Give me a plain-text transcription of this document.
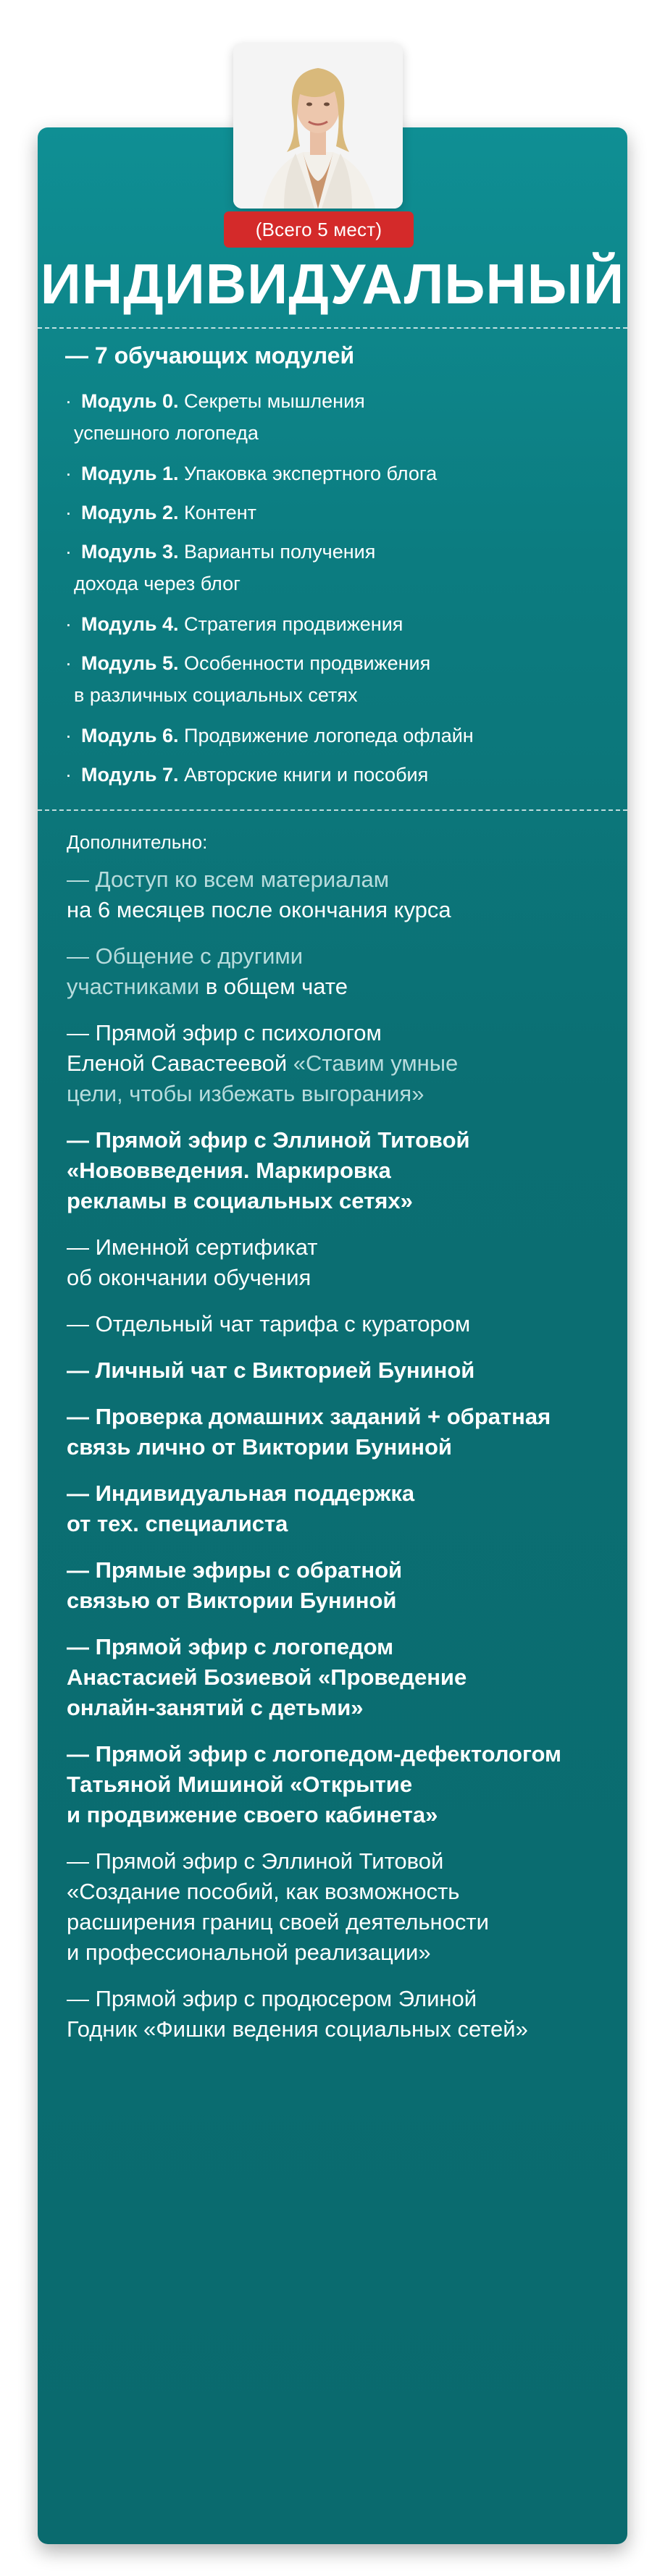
(Всего 5 мест)
ИНДИВИДУАЛЬНЫЙ
— 7 обучающих модулей
· Модуль 0. Секреты мышления
успешного логопеда
· Модуль 1. Упаковка экспертного блога
· Модуль 2. Контент
· Модуль 3. Варианты получения
дохода через блог
· Модуль 4. Стратегия продвижения
· Модуль 5. Особенности продвижения
в различных социальных сетях
· Модуль 6. Продвижение логопеда офлайн
· Модуль 7. Авторские книги и пособия
Дополнительно:
— Доступ ко всем материалам
на 6 месяцев после окончания курса
— Общение с другими
участниками в общем чате
— Прямой эфир с психологом
Еленой Савастеевой «Ставим умные
цели, чтобы избежать выгорания»
— Прямой эфир с Эллиной Титовой
«Нововведения. Маркировка
рекламы в социальных сетях»
— Именной сертификат
об окончании обучения
— Отдельный чат тарифа с куратором
— Личный чат с Викторией Буниной
— Проверка домашних заданий + обратная
связь лично от Виктории Буниной
— Индивидуальная поддержка
от тех. специалиста
— Прямые эфиры с обратной
связью от Виктории Буниной
— Прямой эфир с логопедом
Анастасией Бозиевой «Проведение
онлайн-занятий с детьми»
— Прямой эфир с логопедом-дефектологом
Татьяной Мишиной «Открытие
и продвижение своего кабинета»
— Прямой эфир с Эллиной Титовой
«Создание пособий, как возможность
расширения границ своей деятельности
и профессиональной реализации»
— Прямой эфир с продюсером Элиной
Годник «Фишки ведения социальных сетей»
